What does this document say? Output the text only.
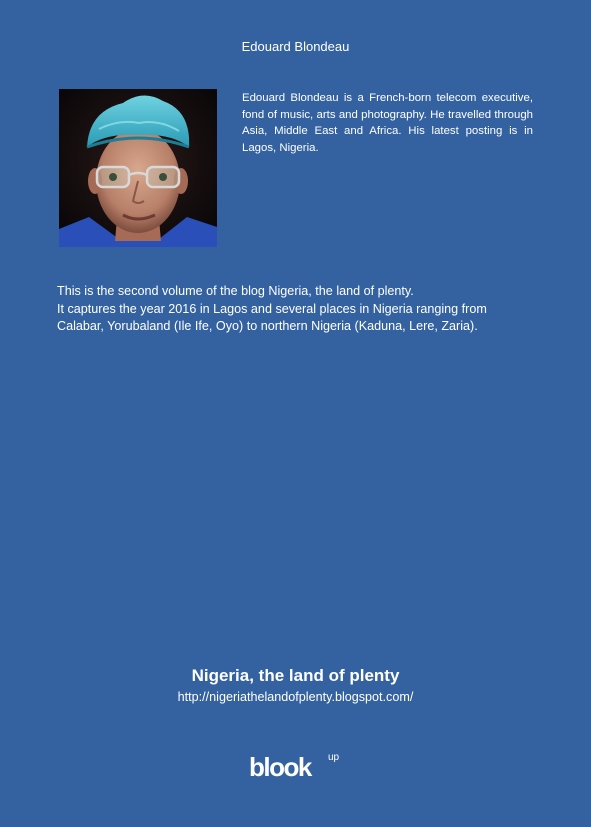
Edouard Blondeau
Edouard Blondeau is a French-born telecom executive, fond of music, arts and photography. He travelled through Asia, Middle East and Africa. His latest posting is in Lagos, Nigeria.

This is the second volume of the blog Nigeria, the land of plenty.

It captures the year 2016 in Lagos and several places in Nigeria ranging from Calabar, Yorubaland (Ile Ife, Oyo) to northern Nigeria (Kaduna, Lere, Zaria).

Nigeria, the land of plenty
http://nigeriathelandofplenty.blogspot.com/
blook up
